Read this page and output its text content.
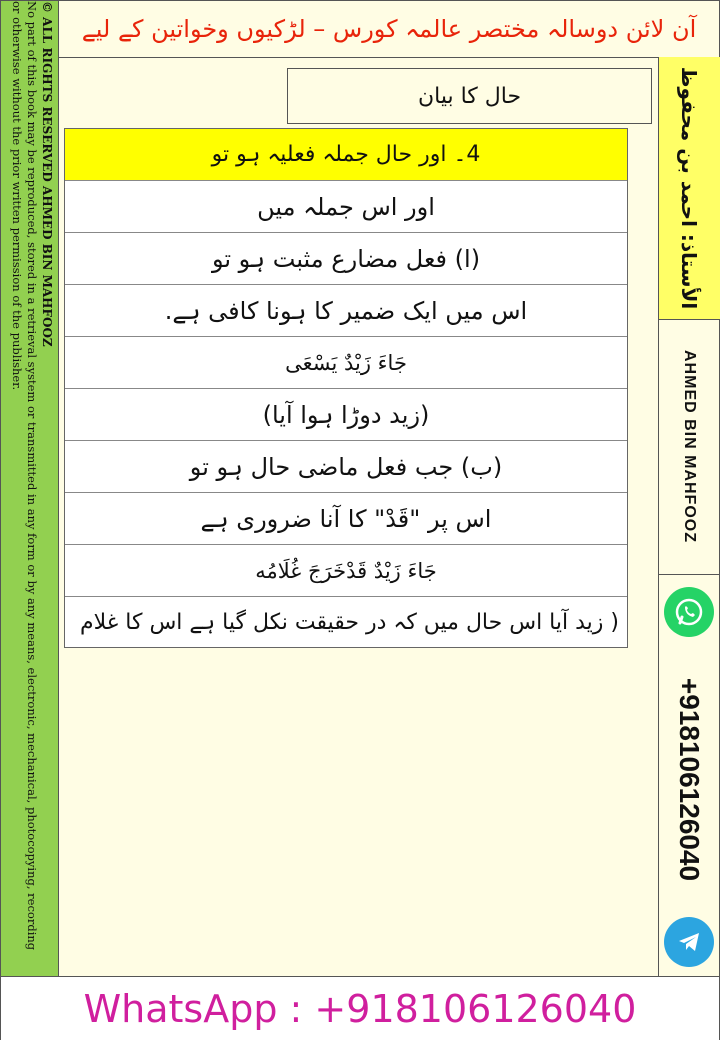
© ALL RIGHTS RESERVED AHMED BIN MAHFOOZ
No part of this book may be reproduced, stored in a retrieval system or transmitted in any form or by any means, electronic, mechanical, photocopying, recording
or otherwise without the prior written permission of the publisher.	آن لائن دوسالہ مختصر عالمہ کورس – لڑکیوں وخواتین کے لیے
الأستاذ: احمد بن محفوظ
AHMED BIN MAHFOOZ
+918106126040
حال کا بیان
4۔ اور حال جملہ فعلیہ ہو تو
اور اس جملہ میں
(ا) فعل مضارع مثبت ہو تو
اس میں ایک ضمیر کا ہونا کافی ہے.
جَاءَ زَيْدٌ يَسْعَى
(زید دوڑا ہوا آیا)
(ب) جب فعل ماضی حال ہو تو
اس پر "قَدْ" کا آنا ضروری ہے
جَاءَ زَيْدٌ قَدْخَرَجَ غُلَامُه
( زید آیا اس حال میں کہ در حقیقت نکل گیا ہے اس کا غلام
WhatsApp : +918106126040
